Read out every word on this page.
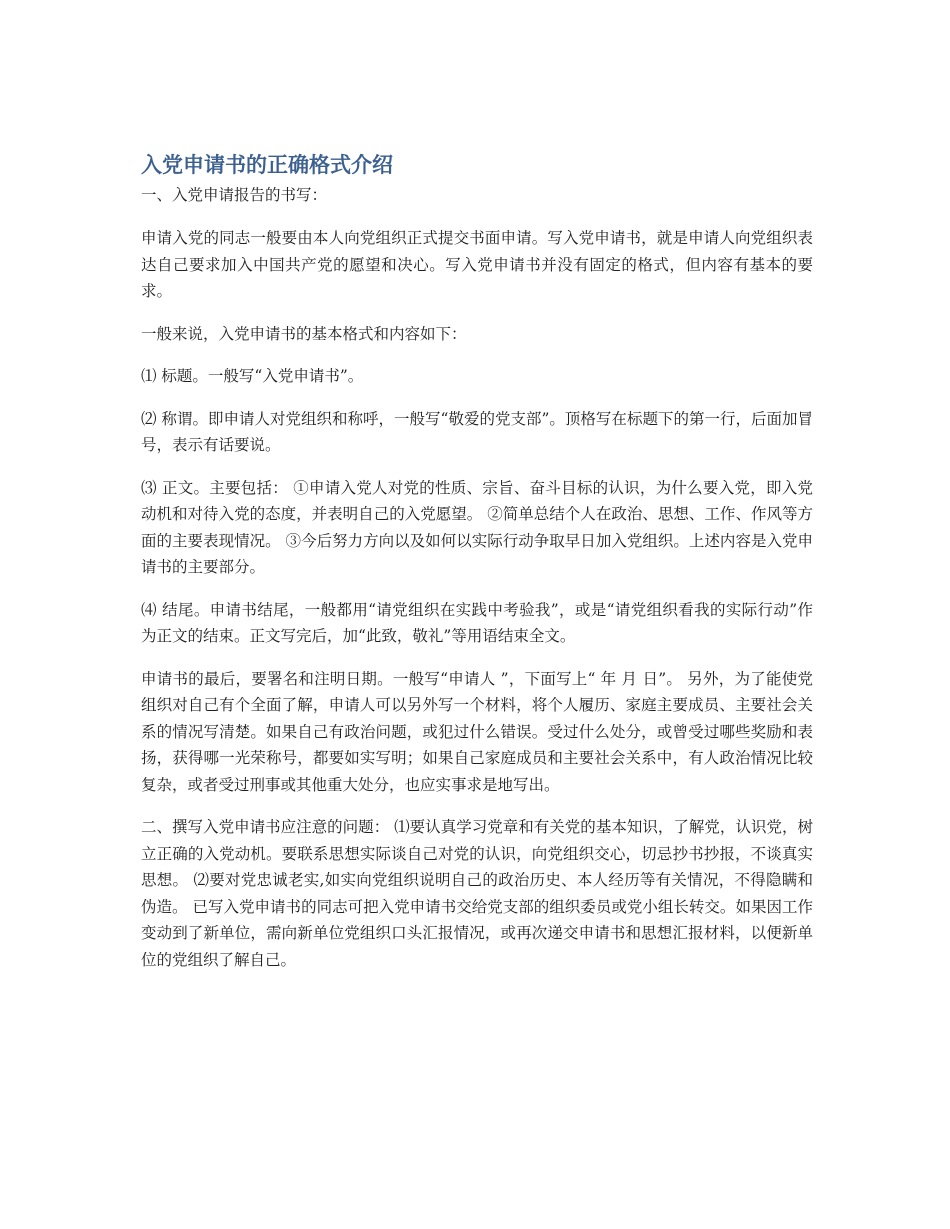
入党申请书的正确格式介绍

一、入党申请报告的书写：

申请入党的同志一般要由本人向党组织正式提交书面申请。写入党申请书，就是申请人向党组织表达自己要求加入中国共产党的愿望和决心。写入党申请书并没有固定的格式，但内容有基本的要求。

一般来说，入党申请书的基本格式和内容如下：

⑴ 标题。一般写“入党申请书”。

⑵ 称谓。即申请人对党组织和称呼，一般写“敬爱的党支部”。顶格写在标题下的第一行，后面加冒号，表示有话要说。

⑶ 正文。主要包括： ①申请入党人对党的性质、宗旨、奋斗目标的认识，为什么要入党，即入党动机和对待入党的态度，并表明自己的入党愿望。 ②简单总结个人在政治、思想、工作、作风等方面的主要表现情况。 ③今后努力方向以及如何以实际行动争取早日加入党组织。上述内容是入党申请书的主要部分。

⑷ 结尾。申请书结尾，一般都用“请党组织在实践中考验我”，或是“请党组织看我的实际行动”作为正文的结束。正文写完后，加“此致，敬礼”等用语结束全文。

申请书的最后，要署名和注明日期。一般写“申请人 ”，下面写上“ 年 月 日”。 另外，为了能使党组织对自己有个全面了解，申请人可以另外写一个材料，将个人履历、家庭主要成员、主要社会关系的情况写清楚。如果自己有政治问题，或犯过什么错误。受过什么处分，或曾受过哪些奖励和表扬，获得哪一光荣称号，都要如实写明；如果自己家庭成员和主要社会关系中，有人政治情况比较复杂，或者受过刑事或其他重大处分，也应实事求是地写出。

二、撰写入党申请书应注意的问题： ⑴要认真学习党章和有关党的基本知识，了解党，认识党，树立正确的入党动机。要联系思想实际谈自己对党的认识，向党组织交心，切忌抄书抄报，不谈真实思想。 ⑵要对党忠诚老实,如实向党组织说明自己的政治历史、本人经历等有关情况，不得隐瞒和伪造。 已写入党申请书的同志可把入党申请书交给党支部的组织委员或党小组长转交。如果因工作变动到了新单位，需向新单位党组织口头汇报情况，或再次递交申请书和思想汇报材料，以便新单位的党组织了解自己。
